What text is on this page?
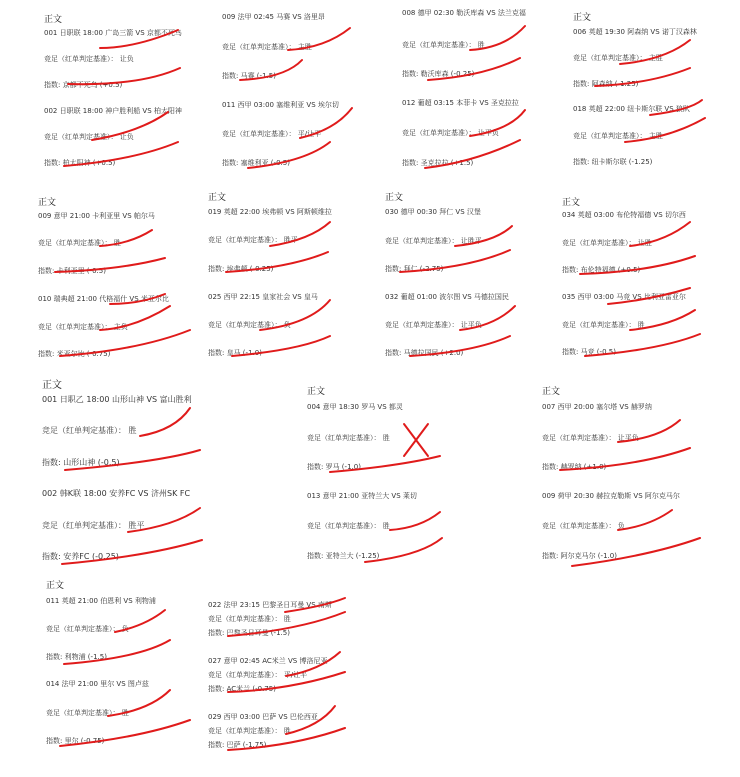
正文
001 日职联 18:00 广岛三箭 VS 京都不死鸟
竞足（红单判定基准）： 让负
指数: 京都不死鸟 (+0.5)
002 日职联 18:00 神户胜利船 VS 柏太阳神
竞足（红单判定基准）： 让负
指数: 柏太阳神 (+0.5)
009 法甲 02:45 马赛 VS 洛里昂
竞足（红单判定基准）： 主胜
指数: 马赛 (-1.5)
011 西甲 03:00 塞维利亚 VS 埃尔切
竞足（红单判定基准）： 平/让平
指数: 塞维利亚 (-0.5)
008 德甲 02:30 勒沃库森 VS 法兰克福
竞足（红单判定基准）： 胜
指数: 勒沃库森 (-0.25)
012 葡超 03:15 本菲卡 VS 圣克拉拉
竞足（红单判定基准）： 让平负
指数: 圣克拉拉 (+1.5)
正文
006 英超 19:30 阿森纳 VS 诺丁汉森林
竞足（红单判定基准）： 主胜
指数: 阿森纳 (-1.25)
018 英超 22:00 纽卡斯尔联 VS 狼队
竞足（红单判定基准）： 主胜
指数: 纽卡斯尔联 (-1.25)
正文
009 意甲 21:00 卡利亚里 VS 帕尔马
竞足（红单判定基准）： 胜
指数: 卡利亚里 (-0.5)
010 瑞典超 21:00 代格福什 VS 米亚尔比
竞足（红单判定基准）： 主负
指数: 米亚尔比 (-0.75)
正文
019 英超 22:00 埃弗顿 VS 阿斯顿维拉
竞足（红单判定基准）： 胜平
指数: 埃弗顿 (-0.25)
025 西甲 22:15 皇家社会 VS 皇马
竞足（红单判定基准）： 负
指数: 皇马 (-1.0)
正文
030 德甲 00:30 拜仁 VS 汉堡
竞足（红单判定基准）： 让胜平
指数: 拜仁 (-2.75)
032 葡超 01:00 波尔图 VS 马德拉国民
竞足（红单判定基准）： 让平负
指数: 马德拉国民 (+2.0)
正文
034 英超 03:00 布伦特福德 VS 切尔西
竞足（红单判定基准）： 让胜
指数: 布伦特福德 (+0.5)
035 西甲 03:00 马竞 VS 比利亚雷亚尔
竞足（红单判定基准）： 胜
指数: 马竞 (-0.5)
正文
001 日职乙 18:00 山形山神 VS 富山胜利
竞足（红单判定基准）： 胜
指数: 山形山神 (-0.5)
002 韩K联 18:00 安养FC VS 济州SK FC
竞足（红单判定基准）： 胜平
指数: 安养FC (-0.25)
正文
004 意甲 18:30 罗马 VS 都灵
竞足（红单判定基准）： 胜
指数: 罗马 (-1.0)
013 意甲 21:00 亚特兰大 VS 莱切
竞足（红单判定基准）： 胜
指数: 亚特兰大 (-1.25)
正文
007 西甲 20:00 塞尔塔 VS 赫罗纳
竞足（红单判定基准）： 让平负
指数: 赫罗纳 (+1.0)
009 荷甲 20:30 赫拉克勒斯 VS 阿尔克马尔
竞足（红单判定基准）： 负
指数: 阿尔克马尔 (-1.0)
正文
011 英超 21:00 伯恩利 VS 利物浦
竞足（红单判定基准）： 负
指数: 利物浦 (-1.5)
014 法甲 21:00 里尔 VS 图卢兹
竞足（红单判定基准）： 胜
指数: 里尔 (-0.75)
022 法甲 23:15 巴黎圣日耳曼 VS 南斯
竞足（红单判定基准）： 胜
指数: 巴黎圣日耳曼 (-1.5)
027 意甲 02:45 AC米兰 VS 博洛尼亚
竞足（红单判定基准）： 平/让平
指数: AC米兰 (-0.75)
029 西甲 03:00 巴萨 VS 巴伦西亚
竞足（红单判定基准）： 胜
指数: 巴萨 (-1.75)
